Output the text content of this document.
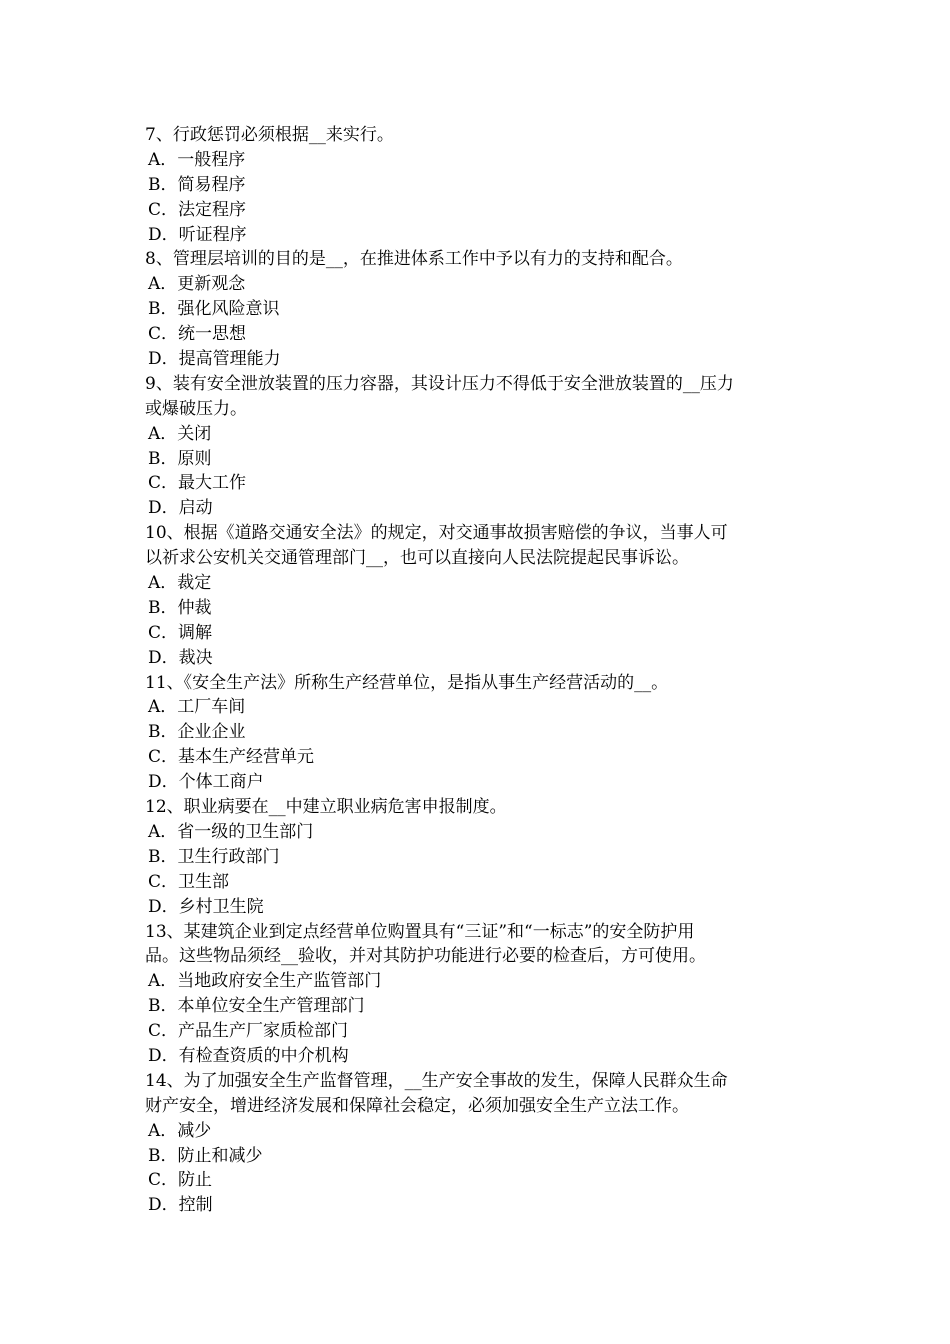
7、行政惩罚必须根据__来实行。
A．一般程序
B．简易程序
C．法定程序
D．听证程序
8、管理层培训的目的是__，在推进体系工作中予以有力的支持和配合。
A．更新观念
B．强化风险意识
C．统一思想
D．提高管理能力
9、装有安全泄放装置的压力容器，其设计压力不得低于安全泄放装置的__压力
或爆破压力。
A．关闭
B．原则
C．最大工作
D．启动
10、根据《道路交通安全法》的规定，对交通事故损害赔偿的争议，当事人可
以祈求公安机关交通管理部门__，也可以直接向人民法院提起民事诉讼。
A．裁定
B．仲裁
C．调解
D．裁决
11、《安全生产法》所称生产经营单位，是指从事生产经营活动的__。
A．工厂车间
B．企业企业
C．基本生产经营单元
D．个体工商户
12、职业病要在__中建立职业病危害申报制度。
A．省一级的卫生部门
B．卫生行政部门
C．卫生部
D．乡村卫生院
13、某建筑企业到定点经营单位购置具有“三证”和“一标志”的安全防护用
品。这些物品须经__验收，并对其防护功能进行必要的检查后，方可使用。
A．当地政府安全生产监管部门
B．本单位安全生产管理部门
C．产品生产厂家质检部门
D．有检查资质的中介机构
14、为了加强安全生产监督管理，__生产安全事故的发生，保障人民群众生命
财产安全，增进经济发展和保障社会稳定，必须加强安全生产立法工作。
A．减少
B．防止和减少
C．防止
D．控制
